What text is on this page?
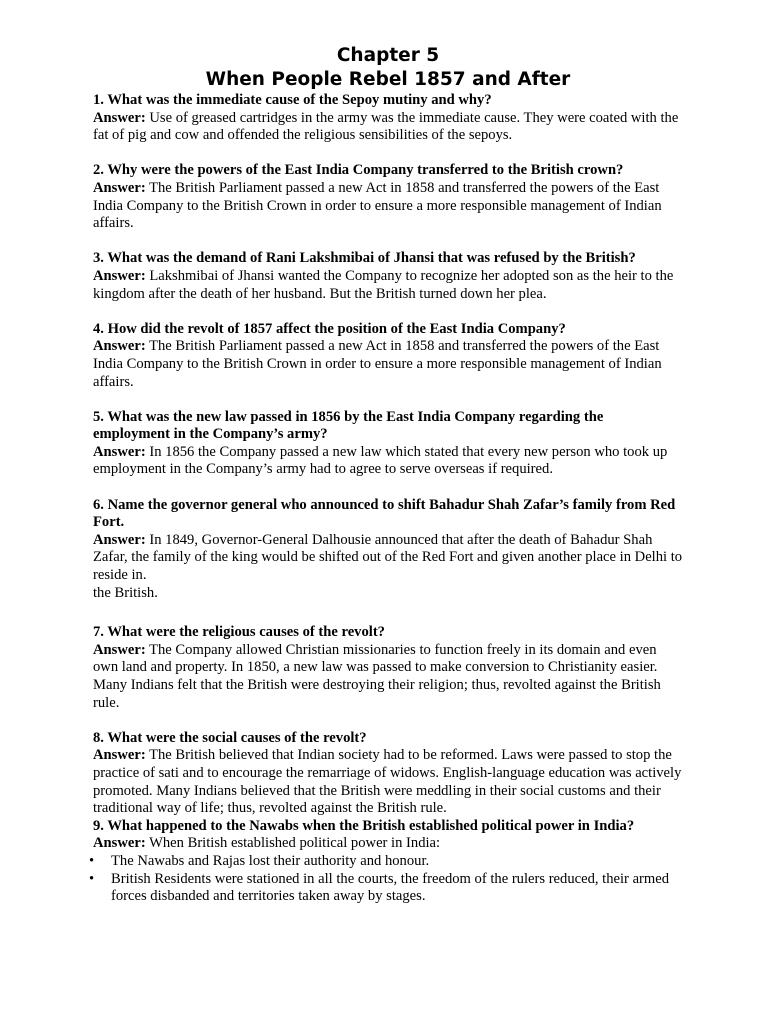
Chapter 5

When People Rebel 1857 and After

1. What was the immediate cause of the Sepoy mutiny and why?

Answer: Use of greased cartridges in the army was the immediate cause. They were coated with the fat of pig and cow and offended the religious sensibilities of the sepoys.

2. Why were the powers of the East India Company transferred to the British crown?

Answer: The British Parliament passed a new Act in 1858 and transferred the powers of the East India Company to the British Crown in order to ensure a more responsible management of Indian affairs.

3. What was the demand of Rani Lakshmibai of Jhansi that was refused by the British?

Answer: Lakshmibai of Jhansi wanted the Company to recognize her adopted son as the heir to the kingdom after the death of her husband. But the British turned down her plea.

4. How did the revolt of 1857 affect the position of the East India Company?

Answer: The British Parliament passed a new Act in 1858 and transferred the powers of the East India Company to the British Crown in order to ensure a more responsible management of Indian affairs.

5. What was the new law passed in 1856 by the East India Company regarding the employment in the Company’s army?

Answer: In 1856 the Company passed a new law which stated that every new person who took up employment in the Company’s army had to agree to serve overseas if required.

6. Name the governor general who announced to shift Bahadur Shah Zafar’s family from Red Fort.

Answer: In 1849, Governor-General Dalhousie announced that after the death of Bahadur Shah Zafar, the family of the king would be shifted out of the Red Fort and given another place in Delhi to reside in.

the British.

7. What were the religious causes of the revolt?

Answer: The Company allowed Christian missionaries to function freely in its domain and even own land and property. In 1850, a new law was passed to make conversion to Christianity easier. Many Indians felt that the British were destroying their religion; thus, revolted against the British rule.

8. What were the social causes of the revolt?

Answer: The British believed that Indian society had to be reformed. Laws were passed to stop the practice of sati and to encourage the remarriage of widows. English-language education was actively promoted. Many Indians believed that the British were meddling in their social customs and their traditional way of life; thus, revolted against the British rule.

9. What happened to the Nawabs when the British established political power in India?

Answer: When British established political power in India:

•	The Nawabs and Rajas lost their authority and honour.
•	British Residents were stationed in all the courts, the freedom of the rulers reduced, their armed forces disbanded and territories taken away by stages.
